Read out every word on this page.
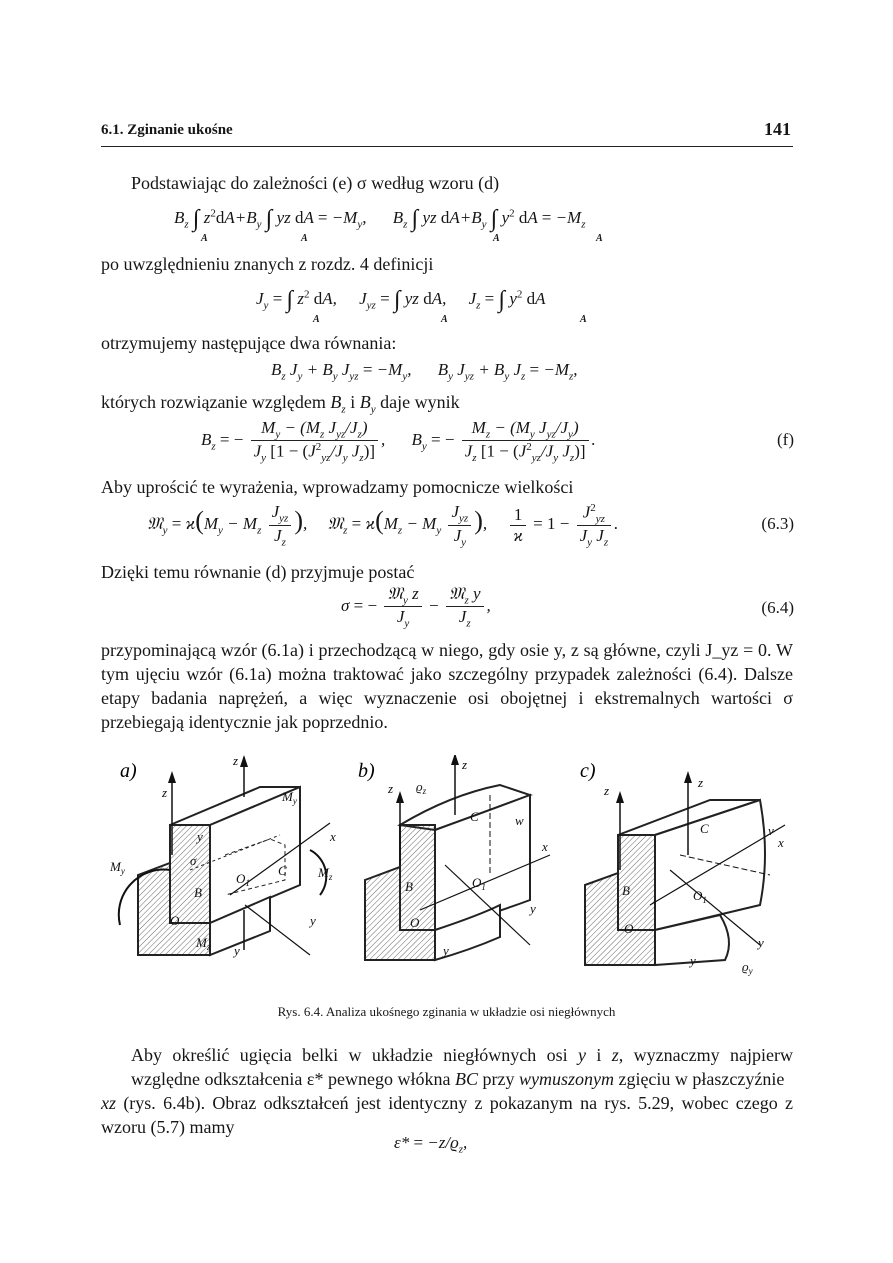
6.1. Zginanie ukośne	141
Podstawiając do zależności (e) σ według wzoru (d)
$B_z$ ∫ $z^2dA+B_y$ ∫ yz dA = $-M_y$, $B_z$ ∫ yz $dA+B_y$ ∫ $y^2$ dA = $-M_z$
A	A	A	A
po uwzględnieniu znanych z rozdz. 4 definicji
$J_y$ = ∫ $z^2$ dA, $J_{yz}$ = ∫ yz dA, $J_z$ = ∫ $y^2$ dA
A	A	A
otrzymujemy następujące dwa równania:
$B_z$ $J_y + B_y$ $J_{yz} = -M_y$, $B_y$ $J_{yz} + B_y$ $J_z = -M_z$,
których rozwiązanie względem $B_z$ i $B_y$ daje wynik
$B_z$ = − $\frac{M_y - (M_z J_{yz}/J_z)}{J_y [1 - (J^2_{yz}/J_y J_z)]}$ , $B_y$ = − $\frac{M_z - (M_y J_{yz}/J_y)}{J_z [1 - (J^2_{yz}/J_y J_z)]}$ .	(f)
Aby uprościć te wyrażenia, wprowadzamy pomocnicze wielkości
𝔐$_y$ = $ϰ(M_y - M_z \frac{J_{yz}}{J_z}$ ), 𝔐$_z$ = $ϰ(M_z - M_y \frac{J_{yz}}{J_y}$ ), $\frac{1}{ϰ} = 1 - \frac{J^2_{yz}}{J_y J_z}$ .	(6.3)
Dzięki temu równanie (d) przyjmuje postać
σ = − $\frac{𝔐_y z}{J_y} - \frac{𝔐_z y}{J_z}$ ,	(6.4)
przypominającą wzór (6.1a) i przechodzącą w niego, gdy osie y, z są główne, czyli J_yz = 0. W tym ujęciu wzór (6.1a) można traktować jako szczególny przypadek zależności (6.4). Dalsze etapy badania naprężeń, a więc wyznaczenie osi obojętnej i ekstremalnych wartości σ przebiegają identycznie jak poprzednio.
a)
z
z
$M_y$
y	x
$M_y$	$M_z$
B
$O_1$
O	y
$M_z$ y
C
σ
b)	z
z $ϱ_z$
C	w
x
B	$O_1$
O
y
y
c)
z
z
C	v
x
B	$O_1$
O
y
y	$ϱ_y$
Rys. 6.4. Analiza ukośnego zginania w układzie osi niegłównych
Aby określić ugięcia belki w układzie niegłównych osi y i z, wyznaczmy najpierw względne odkształcenia ε* pewnego włókna BC przy wymuszonym zgięciu w płaszczyźnie
xz (rys. 6.4b). Obraz odkształceń jest identyczny z pokazanym na rys. 5.29, wobec czego z wzoru (5.7) mamy
$\varepsilon* = -z/ϱ_z$,
